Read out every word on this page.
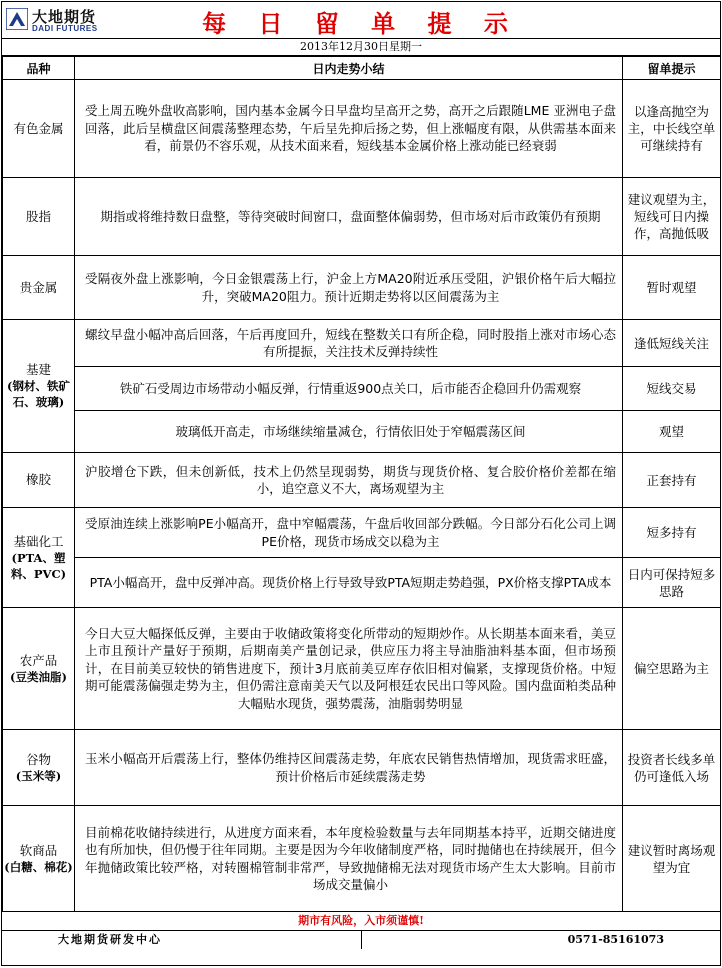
大地期货
DADI FUTURES	每 日 留 单 提 示
2013年12月30日星期一
品种	日内走势小结	留单提示
有色金属	受上周五晚外盘收高影响，国内基本金属今日早盘均呈高开之势，高开之后跟随LME 亚洲电子盘回落，此后呈横盘区间震荡整理态势，午后呈先抑后扬之势，但上涨幅度有限，从供需基本面来看，前景仍不容乐观，从技术面来看，短线基本金属价格上涨动能已经衰弱	以逢高抛空为主，中长线空单可继续持有
股指	期指或将维持数日盘整，等待突破时间窗口，盘面整体偏弱势，但市场对后市政策仍有预期	建议观望为主，短线可日内操作，高抛低吸
贵金属	受隔夜外盘上涨影响，今日金银震荡上行，沪金上方MA20附近承压受阻，沪银价格午后大幅拉升，突破MA20阻力。预计近期走势将以区间震荡为主	暂时观望
基建
(钢材、铁矿石、玻璃)	螺纹早盘小幅冲高后回落，午后再度回升，短线在整数关口有所企稳，同时股指上涨对市场心态有所提振，关注技术反弹持续性	逢低短线关注
	铁矿石受周边市场带动小幅反弹，行情重返900点关口，后市能否企稳回升仍需观察	短线交易
	玻璃低开高走，市场继续缩量减仓，行情依旧处于窄幅震荡区间	观望
橡胶	沪胶增仓下跌，但未创新低，技术上仍然呈现弱势，期货与现货价格、复合胶价格价差都在缩小，追空意义不大，离场观望为主	正套持有
基础化工
(PTA、塑料、PVC)	受原油连续上涨影响PE小幅高开，盘中窄幅震荡，午盘后收回部分跌幅。今日部分石化公司上调PE价格，现货市场成交以稳为主	短多持有
	PTA小幅高开，盘中反弹冲高。现货价格上行导致导致PTA短期走势趋强，PX价格支撑PTA成本	日内可保持短多思路
农产品
(豆类油脂)	今日大豆大幅探低反弹，主要由于收储政策将变化所带动的短期炒作。从长期基本面来看，美豆上市且预计产量好于预期，后期南美产量创记录，供应压力将主导油脂油料基本面，但市场预计，在目前美豆较快的销售进度下，预计3月底前美豆库存依旧相对偏紧，支撑现货价格。中短期可能震荡偏强走势为主，但仍需注意南美天气以及阿根廷农民出口等风险。国内盘面粕类品种大幅贴水现货，强势震荡，油脂弱势明显	偏空思路为主
谷物
(玉米等)	玉米小幅高开后震荡上行，整体仍维持区间震荡走势，年底农民销售热情增加，现货需求旺盛，预计价格后市延续震荡走势	投资者长线多单仍可逢低入场
软商品
(白糖、棉花)	目前棉花收储持续进行，从进度方面来看，本年度检验数量与去年同期基本持平，近期交储进度也有所加快，但仍慢于往年同期。主要是因为今年收储制度严格，同时抛储也在持续展开，但今年抛储政策比较严格，对转圈棉管制非常严，导致抛储棉无法对现货市场产生太大影响。目前市场成交量偏小	建议暂时离场观望为宜
期市有风险，入市须谨慎!
大地期货研发中心	0571-85161073
